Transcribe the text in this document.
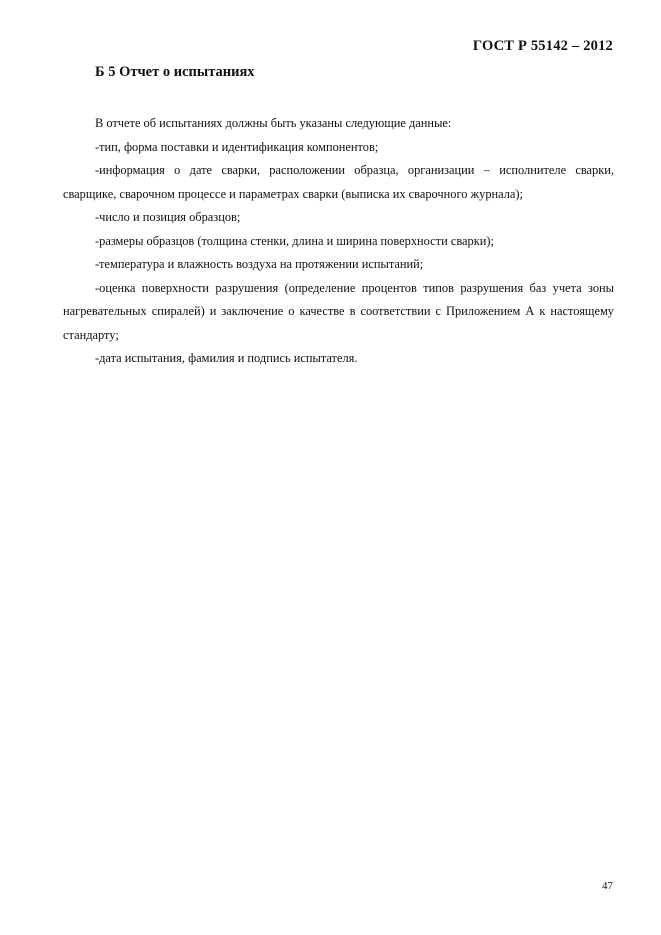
ГОСТ Р 55142 – 2012
Б 5 Отчет о испытаниях

В отчете об испытаниях должны быть указаны следующие данные:

-тип, форма поставки и идентификация компонентов;

-информация о дате сварки, расположении образца, организации – исполнителе сварки, сварщике, сварочном процессе и параметрах сварки (выписка их сварочного журнала);

-число и позиция образцов;

-размеры образцов (толщина стенки, длина и ширина поверхности сварки);

-температура и влажность воздуха на протяжении испытаний;

-оценка поверхности разрушения (определение процентов типов разрушения баз учета зоны нагревательных спиралей) и заключение о качестве в соответствии с Приложением А к настоящему стандарту;

-дата испытания, фамилия и подпись испытателя.

47
